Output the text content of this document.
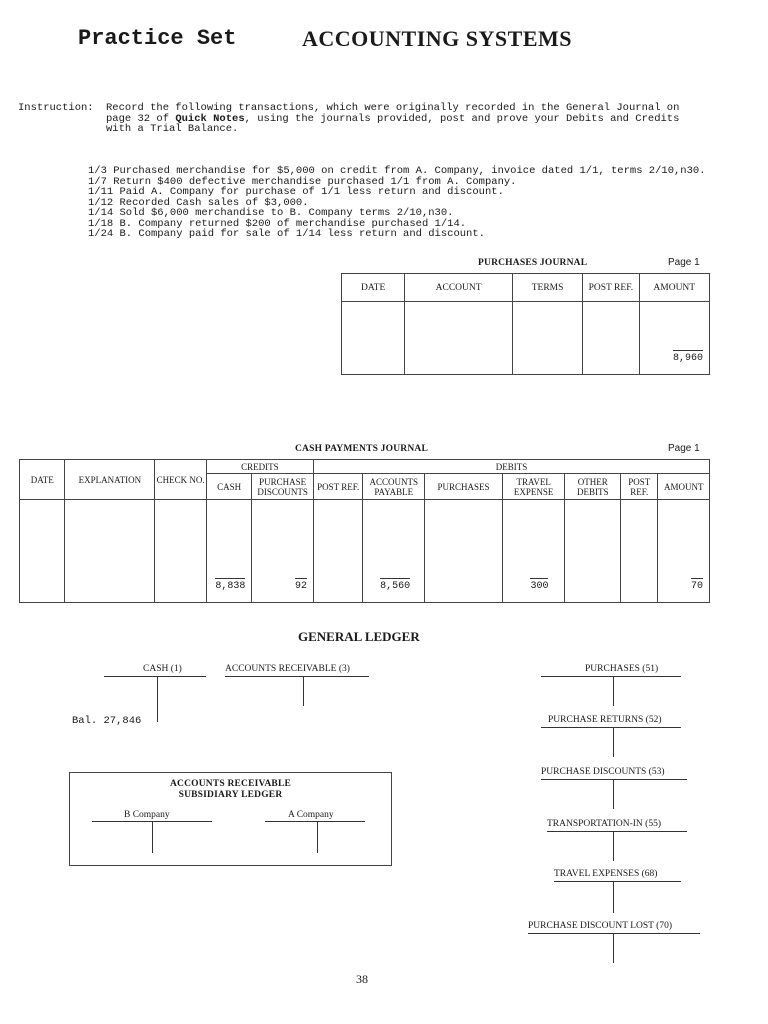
Practice Set	ACCOUNTING SYSTEMS
Instruction: Record the following transactions, which were originally recorded in the General Journal on page 32 of Quick Notes, using the journals provided, post and prove your Debits and Credits with a Trial Balance.
1/3 Purchased merchandise for $5,000 on credit from A. Company, invoice dated 1/1, terms 2/10,n30.
1/7 Return $400 defective merchandise purchased 1/1 from A. Company.
1/11 Paid A. Company for purchase of 1/1 less return and discount.
1/12 Recorded Cash sales of $3,000.
1/14 Sold $6,000 merchandise to B. Company terms 2/10,n30.
1/18 B. Company returned $200 of merchandise purchased 1/14.
1/24 B. Company paid for sale of 1/14 less return and discount.
PURCHASES JOURNAL	Page 1
DATE	ACCOUNT	TERMS	POST REF.	AMOUNT

				8,960
CASH PAYMENTS JOURNAL	Page 1
DATE	EXPLANATION	CHECK NO.	CREDITS		DEBITS						
			CASH	PURCHASE DISCOUNTS	POST REF.	ACCOUNTS PAYABLE	PURCHASES	TRAVEL EXPENSE	OTHER DEBITS	POST REF.	AMOUNT

			8,838	92		8,560		300			70
GENERAL LEDGER
CASH (1)
Bal. 27,846
ACCOUNTS RECEIVABLE (3)	PURCHASES (51)
PURCHASE RETURNS (52)
PURCHASE DISCOUNTS (53)
TRANSPORTATION-IN (55)
TRAVEL EXPENSES (68)
PURCHASE DISCOUNT LOST (70)
ACCOUNTS RECEIVABLE
SUBSIDIARY LEDGER
B Company	A Company
38
